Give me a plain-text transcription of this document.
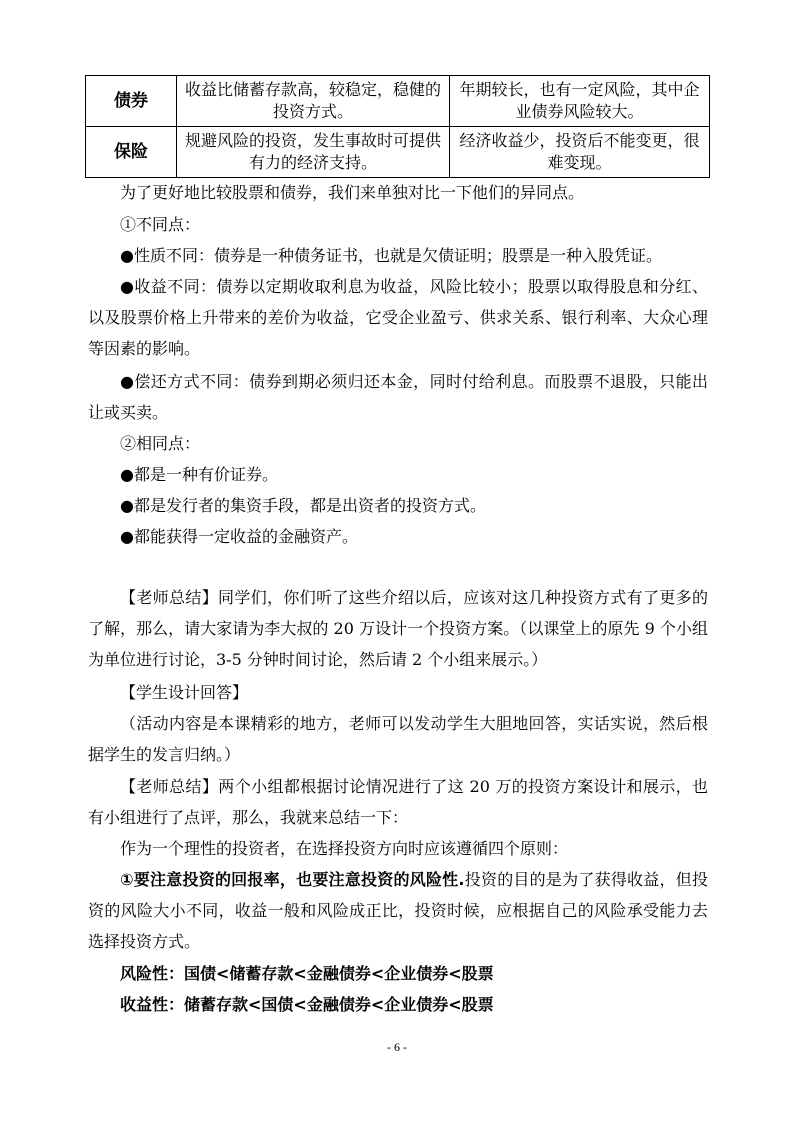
债券	收益比储蓄存款高，较稳定，稳健的投资方式。	年期较长，也有一定风险，其中企业债券风险较大。
保险	规避风险的投资，发生事故时可提供有力的经济支持。	经济收益少，投资后不能变更，很难变现。

为了更好地比较股票和债券，我们来单独对比一下他们的异同点。

①不同点：

●性质不同：债券是一种债务证书，也就是欠债证明；股票是一种入股凭证。

●收益不同：债券以定期收取利息为收益，风险比较小；股票以取得股息和分红、以及股票价格上升带来的差价为收益，它受企业盈亏、供求关系、银行利率、大众心理等因素的影响。

●偿还方式不同：债券到期必须归还本金，同时付给利息。而股票不退股，只能出让或买卖。

②相同点：

●都是一种有价证券。

●都是发行者的集资手段，都是出资者的投资方式。

●都能获得一定收益的金融资产。

【老师总结】同学们，你们听了这些介绍以后，应该对这几种投资方式有了更多的了解，那么，请大家请为李大叔的 20 万设计一个投资方案。（以课堂上的原先 9 个小组为单位进行讨论，3-5 分钟时间讨论，然后请 2 个小组来展示。）

【学生设计回答】

（活动内容是本课精彩的地方，老师可以发动学生大胆地回答，实话实说，然后根据学生的发言归纳。）

【老师总结】两个小组都根据讨论情况进行了这 20 万的投资方案设计和展示，也有小组进行了点评，那么，我就来总结一下：

作为一个理性的投资者，在选择投资方向时应该遵循四个原则：

①要注意投资的回报率，也要注意投资的风险性.投资的目的是为了获得收益，但投资的风险大小不同，收益一般和风险成正比，投资时候，应根据自己的风险承受能力去选择投资方式。

风险性：国债<储蓄存款<金融债券<企业债券<股票

收益性：储蓄存款<国债<金融债券<企业债券<股票

- 6 -
